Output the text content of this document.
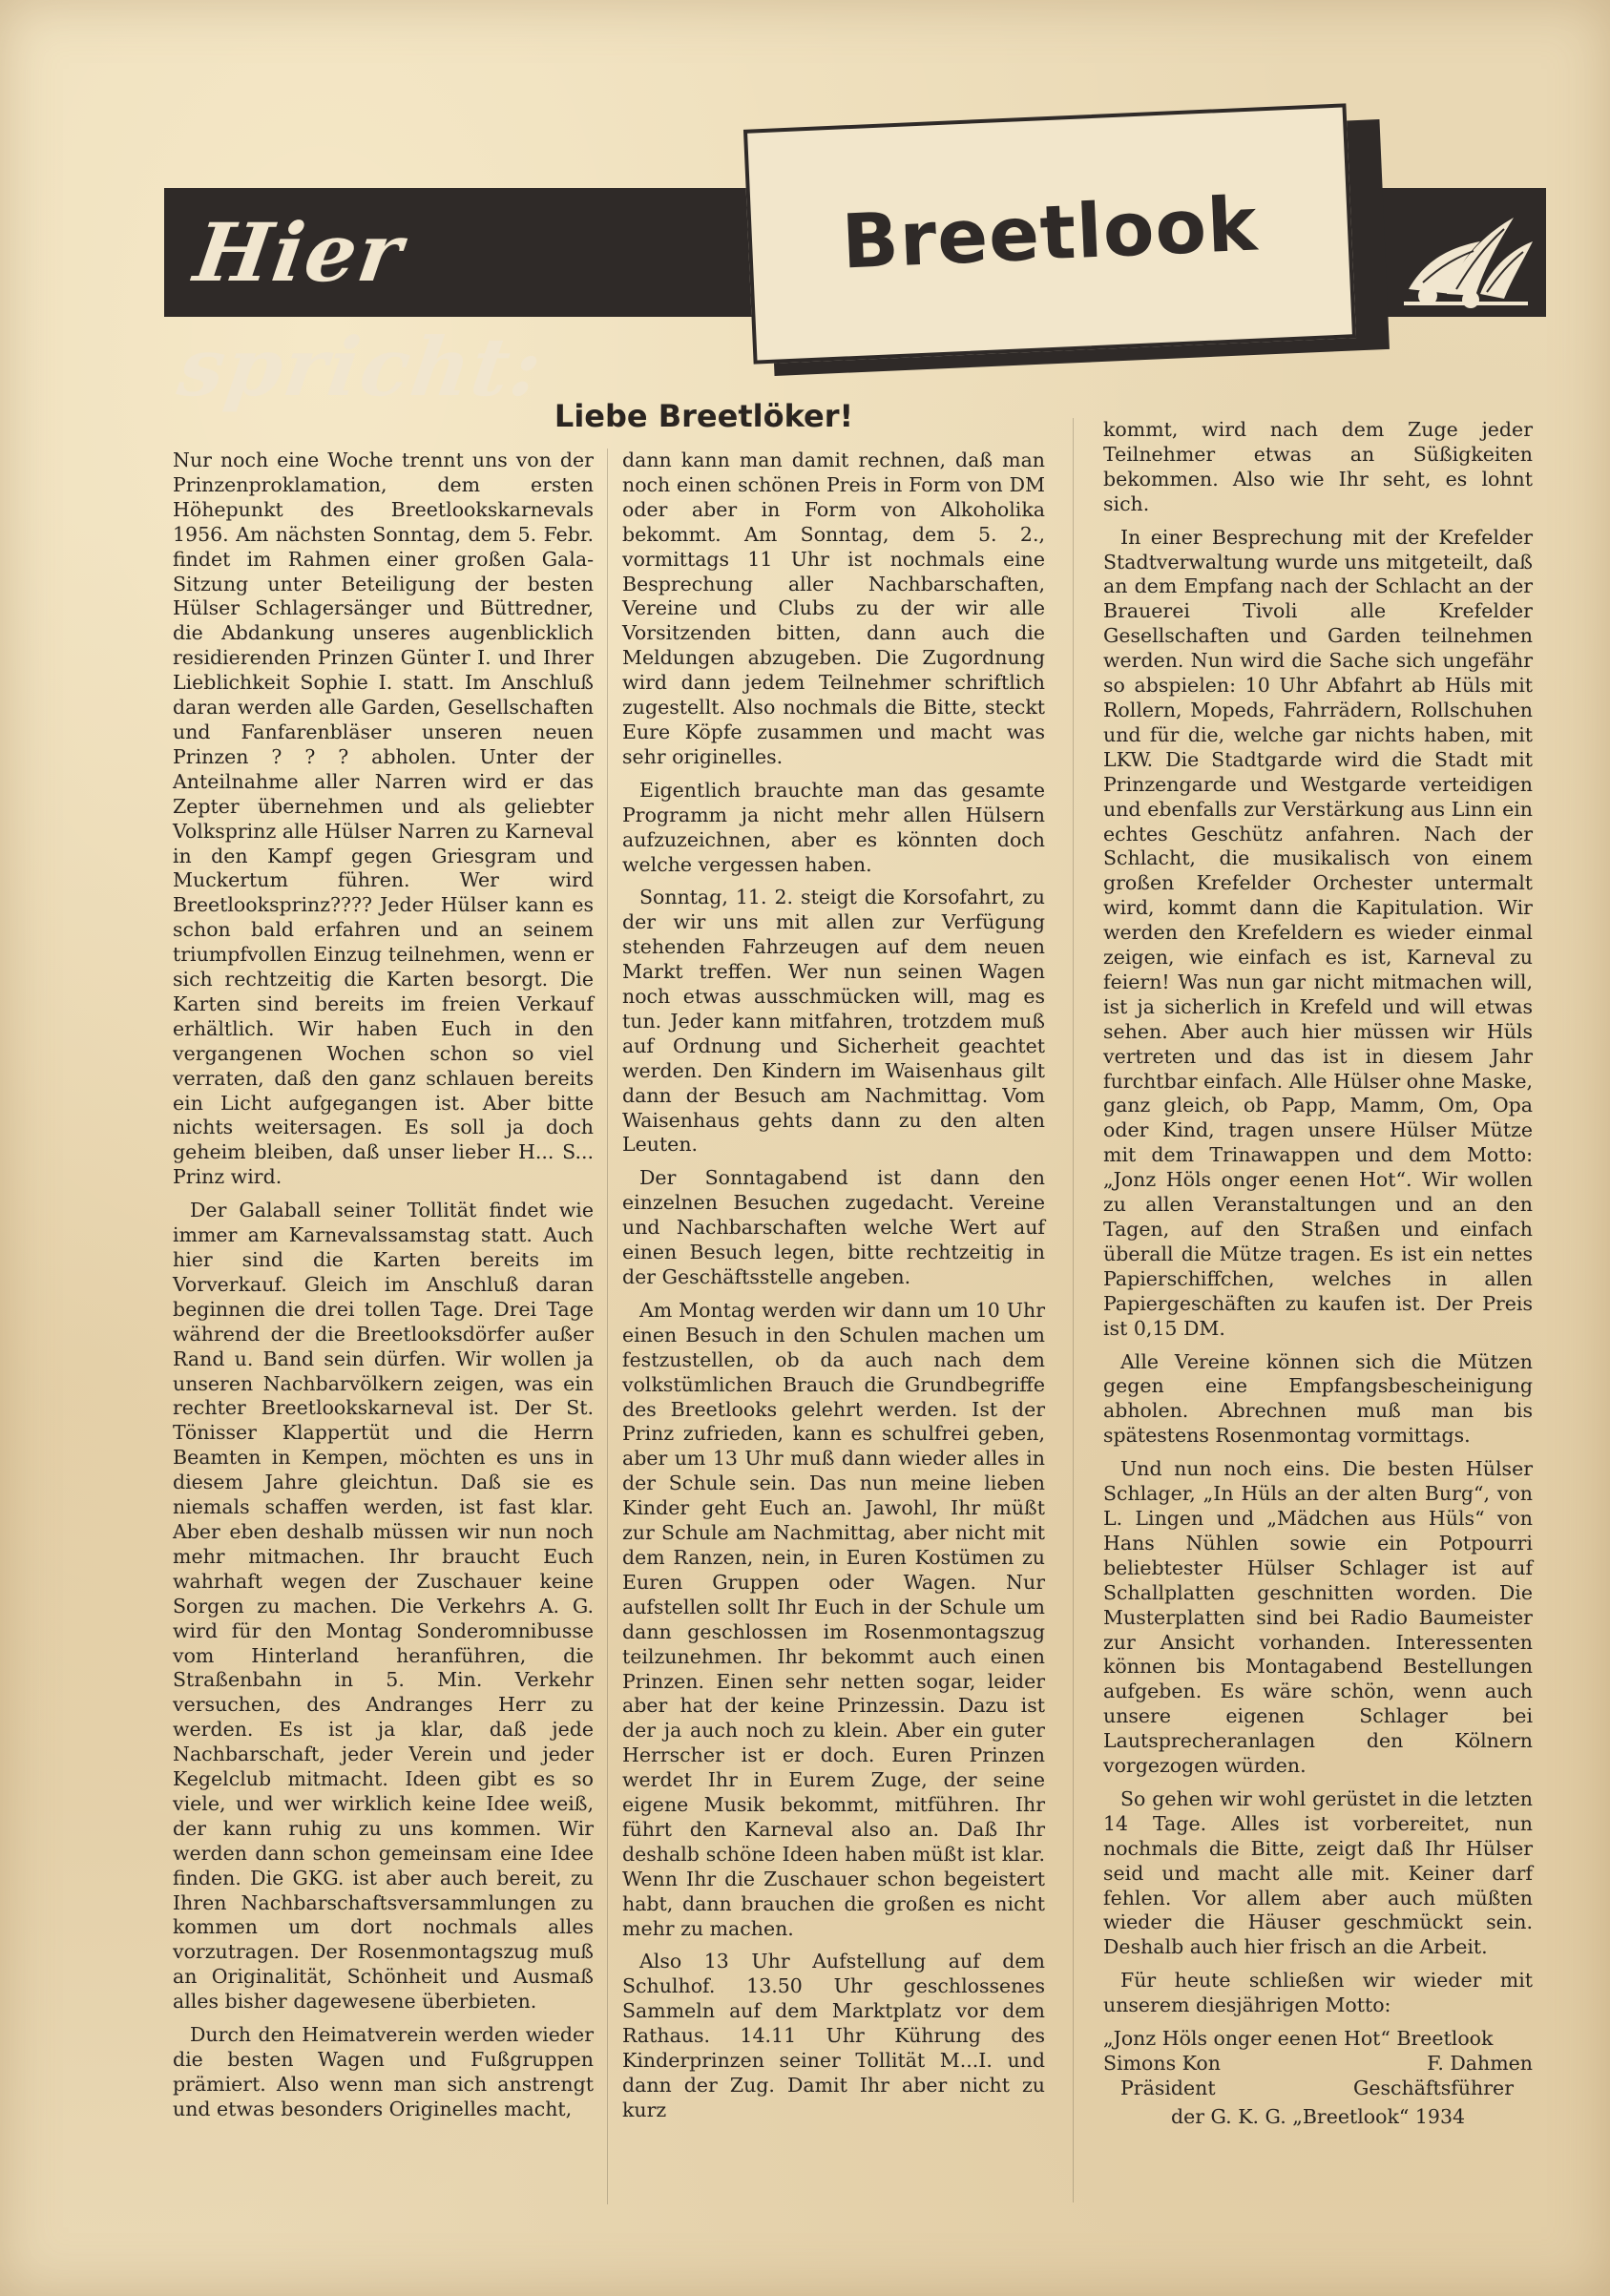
Hier spricht:
Breetlook
Liebe Breetlöker!

Nur noch eine Woche trennt uns von der Prinzenproklamation, dem ersten Höhepunkt des Breetlookskarnevals 1956. Am nächsten Sonntag, dem 5. Febr. findet im Rahmen einer großen Gala-Sitzung unter Beteiligung der besten Hülser Schlagersänger und Büttredner, die Abdankung unseres augenblicklich residierenden Prinzen Günter I. und Ihrer Lieblichkeit Sophie I. statt. Im Anschluß daran werden alle Garden, Gesellschaften und Fanfarenbläser unseren neuen Prinzen ? ? ? abholen. Unter der Anteilnahme aller Narren wird er das Zepter übernehmen und als geliebter Volksprinz alle Hülser Narren zu Karneval in den Kampf gegen Griesgram und Muckertum führen. Wer wird Breetlooksprinz???? Jeder Hülser kann es schon bald erfahren und an seinem triumpfvollen Einzug teilnehmen, wenn er sich rechtzeitig die Karten besorgt. Die Karten sind bereits im freien Verkauf erhältlich. Wir haben Euch in den vergangenen Wochen schon so viel verraten, daß den ganz schlauen bereits ein Licht aufgegangen ist. Aber bitte nichts weitersagen. Es soll ja doch geheim bleiben, daß unser lieber H... S... Prinz wird.

Der Galaball seiner Tollität findet wie immer am Karnevalssamstag statt. Auch hier sind die Karten bereits im Vorverkauf. Gleich im Anschluß daran beginnen die drei tollen Tage. Drei Tage während der die Breetlooksdörfer außer Rand u. Band sein dürfen. Wir wollen ja unseren Nachbarvölkern zeigen, was ein rechter Breetlookskarneval ist. Der St. Tönisser Klappertüt und die Herrn Beamten in Kempen, möchten es uns in diesem Jahre gleichtun. Daß sie es niemals schaffen werden, ist fast klar. Aber eben deshalb müssen wir nun noch mehr mitmachen. Ihr braucht Euch wahrhaft wegen der Zuschauer keine Sorgen zu machen. Die Verkehrs A. G. wird für den Montag Sonderomnibusse vom Hinterland heranführen, die Straßenbahn in 5. Min. Verkehr versuchen, des Andranges Herr zu werden. Es ist ja klar, daß jede Nachbarschaft, jeder Verein und jeder Kegelclub mitmacht. Ideen gibt es so viele, und wer wirklich keine Idee weiß, der kann ruhig zu uns kommen. Wir werden dann schon gemeinsam eine Idee finden. Die GKG. ist aber auch bereit, zu Ihren Nachbarschaftsversammlungen zu kommen um dort nochmals alles vorzutragen. Der Rosenmontagszug muß an Originalität, Schönheit und Ausmaß alles bisher dagewesene überbieten.

Durch den Heimatverein werden wieder die besten Wagen und Fußgruppen prämiert. Also wenn man sich anstrengt und etwas besonders Originelles macht,

dann kann man damit rechnen, daß man noch einen schönen Preis in Form von DM oder aber in Form von Alkoholika bekommt. Am Sonntag, dem 5. 2., vormittags 11 Uhr ist nochmals eine Besprechung aller Nachbarschaften, Vereine und Clubs zu der wir alle Vorsitzenden bitten, dann auch die Meldungen abzugeben. Die Zugordnung wird dann jedem Teilnehmer schriftlich zugestellt. Also nochmals die Bitte, steckt Eure Köpfe zusammen und macht was sehr originelles.

Eigentlich brauchte man das gesamte Programm ja nicht mehr allen Hülsern aufzuzeichnen, aber es könnten doch welche vergessen haben.

Sonntag, 11. 2. steigt die Korsofahrt, zu der wir uns mit allen zur Verfügung stehenden Fahrzeugen auf dem neuen Markt treffen. Wer nun seinen Wagen noch etwas ausschmücken will, mag es tun. Jeder kann mitfahren, trotzdem muß auf Ordnung und Sicherheit geachtet werden. Den Kindern im Waisenhaus gilt dann der Besuch am Nachmittag. Vom Waisenhaus gehts dann zu den alten Leuten.

Der Sonntagabend ist dann den einzelnen Besuchen zugedacht. Vereine und Nachbarschaften welche Wert auf einen Besuch legen, bitte rechtzeitig in der Geschäftsstelle angeben.

Am Montag werden wir dann um 10 Uhr einen Besuch in den Schulen machen um festzustellen, ob da auch nach dem volkstümlichen Brauch die Grundbegriffe des Breetlooks gelehrt werden. Ist der Prinz zufrieden, kann es schulfrei geben, aber um 13 Uhr muß dann wieder alles in der Schule sein. Das nun meine lieben Kinder geht Euch an. Jawohl, Ihr müßt zur Schule am Nachmittag, aber nicht mit dem Ranzen, nein, in Euren Kostümen zu Euren Gruppen oder Wagen. Nur aufstellen sollt Ihr Euch in der Schule um dann geschlossen im Rosenmontagszug teilzunehmen. Ihr bekommt auch einen Prinzen. Einen sehr netten sogar, leider aber hat der keine Prinzessin. Dazu ist der ja auch noch zu klein. Aber ein guter Herrscher ist er doch. Euren Prinzen werdet Ihr in Eurem Zuge, der seine eigene Musik bekommt, mitführen. Ihr führt den Karneval also an. Daß Ihr deshalb schöne Ideen haben müßt ist klar. Wenn Ihr die Zuschauer schon begeistert habt, dann brauchen die großen es nicht mehr zu machen.

Also 13 Uhr Aufstellung auf dem Schulhof. 13.50 Uhr geschlossenes Sammeln auf dem Marktplatz vor dem Rathaus. 14.11 Uhr Kührung des Kinderprinzen seiner Tollität M...I. und dann der Zug. Damit Ihr aber nicht zu kurz

kommt, wird nach dem Zuge jeder Teilnehmer etwas an Süßigkeiten bekommen. Also wie Ihr seht, es lohnt sich.

In einer Besprechung mit der Krefelder Stadtverwaltung wurde uns mitgeteilt, daß an dem Empfang nach der Schlacht an der Brauerei Tivoli alle Krefelder Gesellschaften und Garden teilnehmen werden. Nun wird die Sache sich ungefähr so abspielen: 10 Uhr Abfahrt ab Hüls mit Rollern, Mopeds, Fahrrädern, Rollschuhen und für die, welche gar nichts haben, mit LKW. Die Stadtgarde wird die Stadt mit Prinzengarde und Westgarde verteidigen und ebenfalls zur Verstärkung aus Linn ein echtes Geschütz anfahren. Nach der Schlacht, die musikalisch von einem großen Krefelder Orchester untermalt wird, kommt dann die Kapitulation. Wir werden den Krefeldern es wieder einmal zeigen, wie einfach es ist, Karneval zu feiern! Was nun gar nicht mitmachen will, ist ja sicherlich in Krefeld und will etwas sehen. Aber auch hier müssen wir Hüls vertreten und das ist in diesem Jahr furchtbar einfach. Alle Hülser ohne Maske, ganz gleich, ob Papp, Mamm, Om, Opa oder Kind, tragen unsere Hülser Mütze mit dem Trinawappen und dem Motto: „Jonz Höls onger eenen Hot“. Wir wollen zu allen Veranstaltungen und an den Tagen, auf den Straßen und einfach überall die Mütze tragen. Es ist ein nettes Papierschiffchen, welches in allen Papiergeschäften zu kaufen ist. Der Preis ist 0,15 DM.

Alle Vereine können sich die Mützen gegen eine Empfangsbescheinigung abholen. Abrechnen muß man bis spätestens Rosenmontag vormittags.

Und nun noch eins. Die besten Hülser Schlager, „In Hüls an der alten Burg“, von L. Lingen und „Mädchen aus Hüls“ von Hans Nühlen sowie ein Potpourri beliebtester Hülser Schlager ist auf Schallplatten geschnitten worden. Die Musterplatten sind bei Radio Baumeister zur Ansicht vorhanden. Interessenten können bis Montagabend Bestellungen aufgeben. Es wäre schön, wenn auch unsere eigenen Schlager bei Lautsprecheranlagen den Kölnern vorgezogen würden.

So gehen wir wohl gerüstet in die letzten 14 Tage. Alles ist vorbereitet, nun nochmals die Bitte, zeigt daß Ihr Hülser seid und macht alle mit. Keiner darf fehlen. Vor allem aber auch müßten wieder die Häuser geschmückt sein. Deshalb auch hier frisch an die Arbeit.

Für heute schließen wir wieder mit unserem diesjährigen Motto:

„Jonz Höls onger eenen Hot“ Breetlook
Simons Kon	F. Dahmen
Präsident	Geschäftsführer
der G. K. G. „Breetlook“ 1934
